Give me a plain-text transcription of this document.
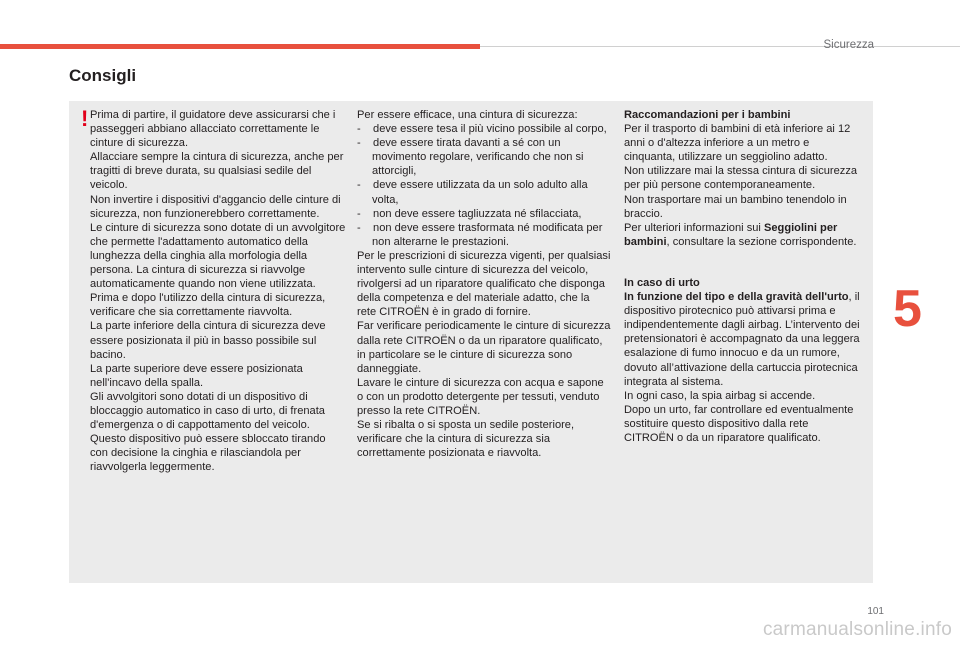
Sicurezza
Consigli
! Prima di partire, il guidatore deve assicurarsi che i passeggeri abbiano allacciato correttamente le cinture di sicurezza.

Allacciare sempre la cintura di sicurezza, anche per tragitti di breve durata, su qualsiasi sedile del veicolo.

Non invertire i dispositivi d'aggancio delle cinture di sicurezza, non funzionerebbero correttamente.

Le cinture di sicurezza sono dotate di un avvolgitore che permette l'adattamento automatico della lunghezza della cinghia alla morfologia della persona. La cintura di sicurezza si riavvolge automaticamente quando non viene utilizzata.

Prima e dopo l'utilizzo della cintura di sicurezza, verificare che sia correttamente riavvolta.

La parte inferiore della cintura di sicurezza deve essere posizionata il più in basso possibile sul bacino.

La parte superiore deve essere posizionata nell'incavo della spalla.

Gli avvolgitori sono dotati di un dispositivo di bloccaggio automatico in caso di urto, di frenata d'emergenza o di cappottamento del veicolo. Questo dispositivo può essere sbloccato tirando con decisione la cinghia e rilasciandola per riavvolgerla leggermente.

Per essere efficace, una cintura di sicurezza:

-    deve essere tesa il più vicino possibile al corpo,
-    deve essere tirata davanti a sé con un movimento regolare, verificando che non si attorcigli,
-    deve essere utilizzata da un solo adulto alla volta,
-    non deve essere tagliuzzata né sfilacciata,
-    non deve essere trasformata né modificata per non alterarne le prestazioni.

Per le prescrizioni di sicurezza vigenti, per qualsiasi intervento sulle cinture di sicurezza del veicolo, rivolgersi ad un riparatore qualificato che disponga della competenza e del materiale adatto, che la rete CITROËN è in grado di fornire.

Far verificare periodicamente le cinture di sicurezza dalla rete CITROËN o da un riparatore qualificato, in particolare se le cinture di sicurezza sono danneggiate.

Lavare le cinture di sicurezza con acqua e sapone o con un prodotto detergente per tessuti, venduto presso la rete CITROËN.

Se si ribalta o si sposta un sedile posteriore, verificare che la cintura di sicurezza sia correttamente posizionata e riavvolta.

Raccomandazioni per i bambini

Per il trasporto di bambini di età inferiore ai 12 anni o d'altezza inferiore a un metro e cinquanta, utilizzare un seggiolino adatto.

Non utilizzare mai la stessa cintura di sicurezza per più persone contemporaneamente.

Non trasportare mai un bambino tenendolo in braccio.

Per ulteriori informazioni sui Seggiolini per bambini, consultare la sezione corrispondente.

In caso di urto

In funzione del tipo e della gravità dell'urto, il dispositivo pirotecnico può attivarsi prima e indipendentemente dagli airbag. L’intervento dei pretensionatori è accompagnato da una leggera esalazione di fumo innocuo e da un rumore, dovuto all’attivazione della cartuccia pirotecnica integrata al sistema.

In ogni caso, la spia airbag si accende.

Dopo un urto, far controllare ed eventualmente sostituire questo dispositivo dalla rete CITROËN o da un riparatore qualificato.

5
101
carmanualsonline.info
